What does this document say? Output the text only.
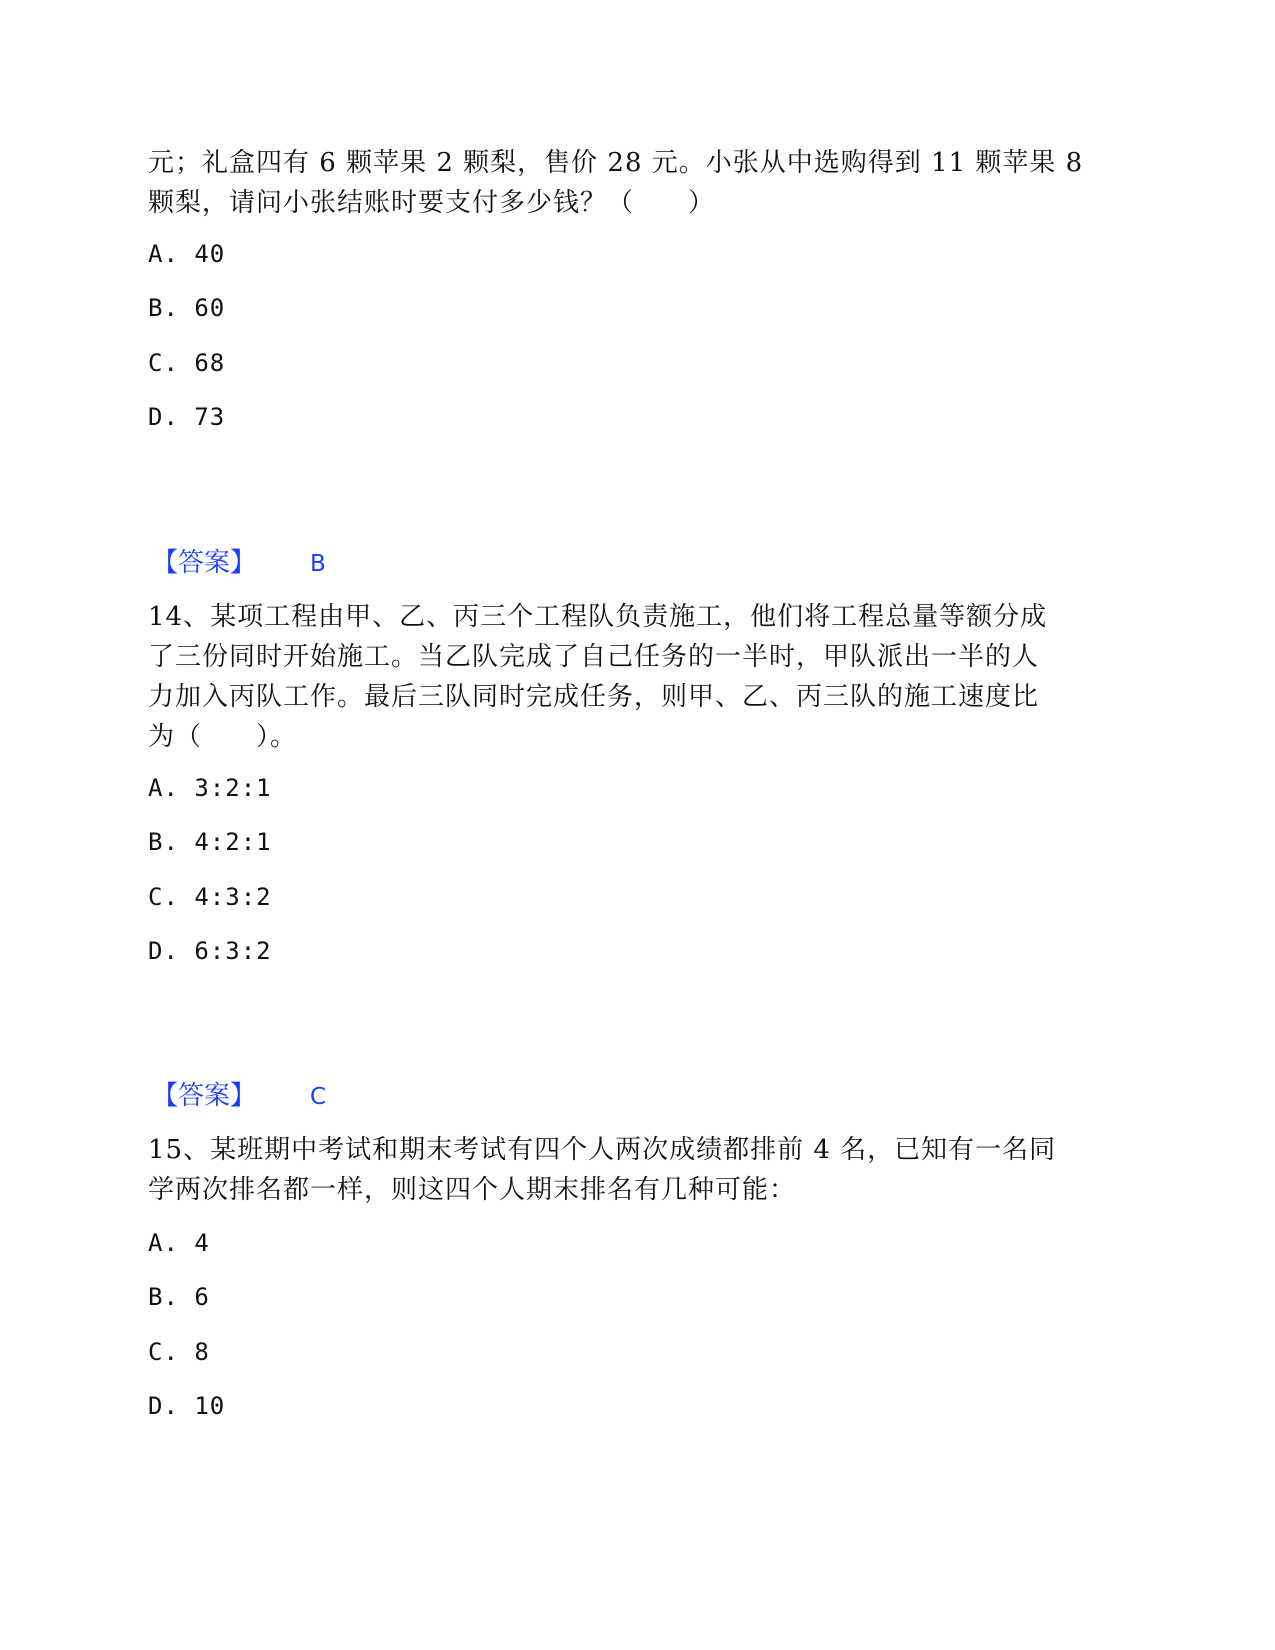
元；礼盒四有 6 颗苹果 2 颗梨，售价 28 元。小张从中选购得到 11 颗苹果 8
颗梨，请问小张结账时要支付多少钱？（　　）
A. 40
B. 60
C. 68
D. 73
【答案】 B
14、某项工程由甲、乙、丙三个工程队负责施工，他们将工程总量等额分成
了三份同时开始施工。当乙队完成了自己任务的一半时，甲队派出一半的人
力加入丙队工作。最后三队同时完成任务，则甲、乙、丙三队的施工速度比
为（　　）。
A. 3:2:1
B. 4:2:1
C. 4:3:2
D. 6:3:2
【答案】 C
15、某班期中考试和期末考试有四个人两次成绩都排前 4 名，已知有一名同
学两次排名都一样，则这四个人期末排名有几种可能：
A. 4
B. 6
C. 8
D. 10
